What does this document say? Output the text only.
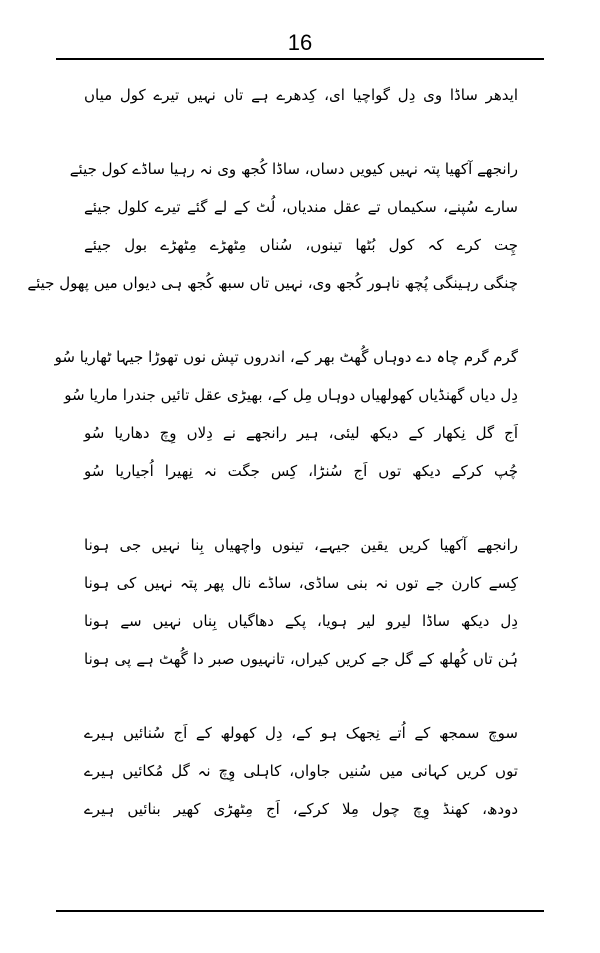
16
ایدھر ساڈا وی دِل گواچیا ای، کِدھرے ہے تاں نہیں تیرے کول میاں
رانجھے آکھیا پتہ نہیں کیویں دساں، ساڈا کُجھ وی نہ رہیا ساڈے کول جیئے
سارے سُپنے، سکیماں تے عقل مندیاں، لُٹ کے لے گئے تیرے کلول جیئے
چِت کرے کہ کول بُٹھا تینوں، سُناں مِٹھڑے مِٹھڑے بول جیئے
چنگی رہینگی پُچھ ناہور کُجھ وی، نہیں تاں سبھ کُجھ ہی دیواں میں پھول جیئے
گرم گرم چاہ دے دوہاں گُھٹ بھر کے، اندروں تپش نوں تھوڑا جیہا ٹھاریا سُو
دِل دیاں گھنڈیاں کھولھیاں دوہاں مِل کے، بھیڑی عقل تائیں جندرا ماریا سُو
اَج گل نِکھار کے دیکھ لیئی، ہیر رانجھے نے دِلاں وِچ دھاریا سُو
چُپ کرکے دیکھ توں اَج سُنڑا، کِس جگت نہ نِھیرا اُجیاریا سُو
رانجھے آکھیا کریں یقین جیہے، تینوں واچھیاں بِنا نہیں جی ہونا
کِسے کارن جے توں نہ بنی ساڈی، ساڈے نال پھر پتہ نہیں کی ہونا
دِل دیکھ ساڈا لیرو لیر ہویا، پکے دھاگیاں بِناں نہیں سے ہونا
ہُن تاں کُھلھ کے گل جے کریں کیراں، تانہیوں صبر دا گُھٹ ہے پی ہونا
سوچ سمجھ کے اُتے نِجھک ہو کے، دِل کھولھ کے اَج سُنائیں ہیرے
توں کریں کہانی میں سُنیں جاواں، کاہلی وِچ نہ گل مُکائیں ہیرے
دودھ، کھنڈ وِچ چول مِلا کرکے، اَج مِٹھڑی کھیر بنائیں ہیرے
